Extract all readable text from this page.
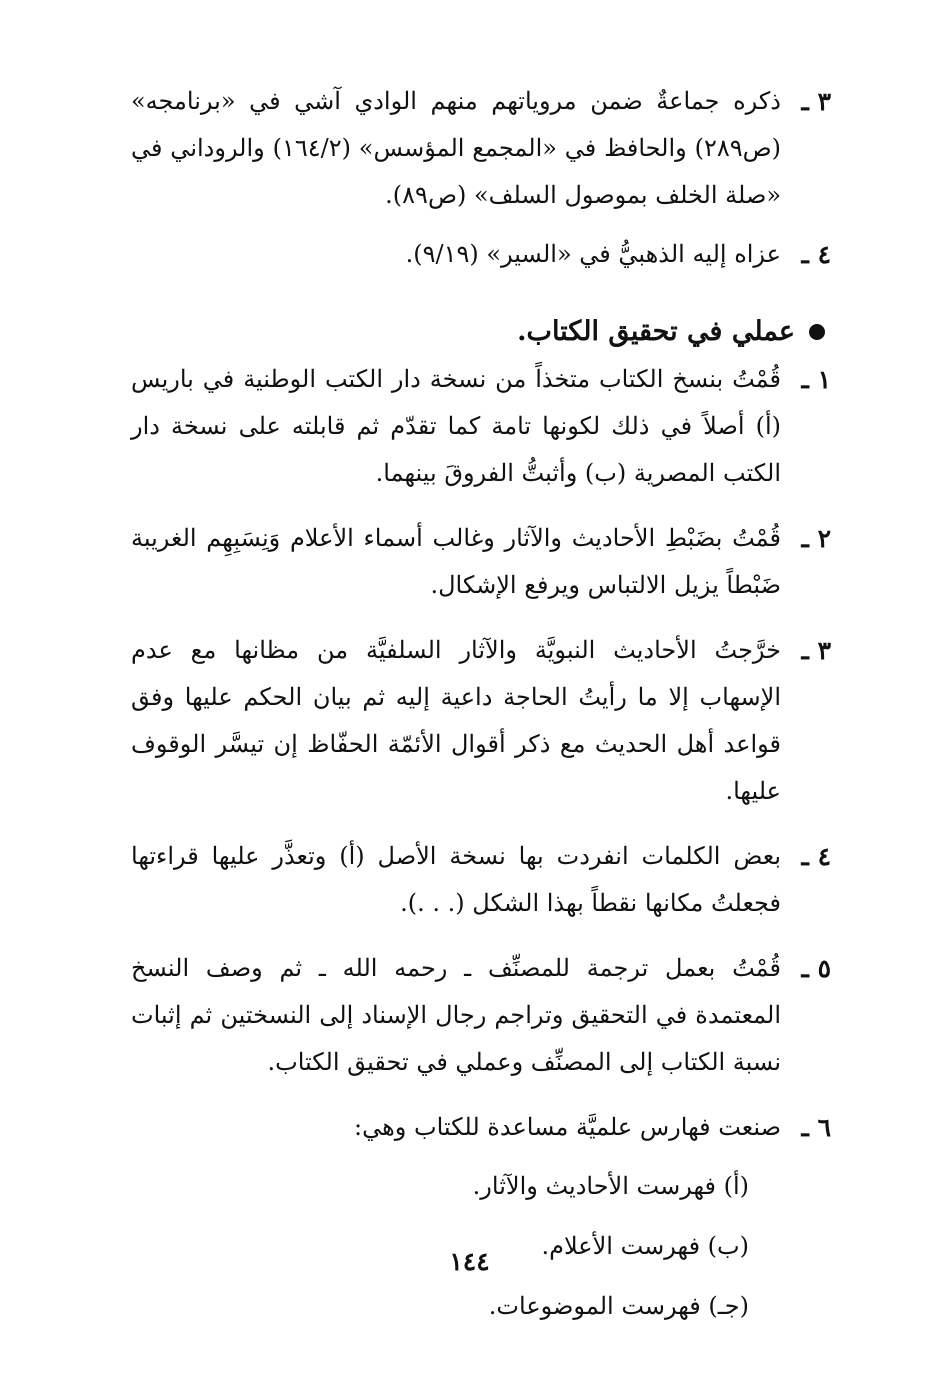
٣ ـ
ذكره جماعةٌ ضمن مروياتهم منهم الوادي آشي في «برنامجه» (ص٢٨٩) والحافظ في «المجمع المؤسس» (١٦٤/٢) والروداني في «صلة الخلف بموصول السلف» (ص٨٩).
٤ ـ
عزاه إليه الذهبيُّ في «السير» (٩/١٩).
عملي في تحقيق الكتاب.
١ ـ
قُمْتُ بنسخ الكتاب متخذاً من نسخة دار الكتب الوطنية في باريس (أ) أصلاً في ذلك لكونها تامة كما تقدّم ثم قابلته على نسخة دار الكتب المصرية (ب) وأثبتُّ الفروقَ بينهما.
٢ ـ
قُمْتُ بضَبْطِ الأحاديث والآثار وغالب أسماء الأعلام وَنِسَبِهِم الغريبة ضَبْطاً يزيل الالتباس ويرفع الإشكال.
٣ ـ
خرَّجتُ الأحاديث النبويَّة والآثار السلفيَّة من مظانها مع عدم الإسهاب إلا ما رأيتُ الحاجة داعية إليه ثم بيان الحكم عليها وفق قواعد أهل الحديث مع ذكر أقوال الأئمّة الحفّاظ إن تيسَّر الوقوف عليها.
٤ ـ
بعض الكلمات انفردت بها نسخة الأصل (أ) وتعذَّر عليها قراءتها فجعلتُ مكانها نقطاً بهذا الشكل (. . .).
٥ ـ
قُمْتُ بعمل ترجمة للمصنِّف ـ رحمه الله ـ ثم وصف النسخ المعتمدة في التحقيق وتراجم رجال الإسناد إلى النسختين ثم إثبات نسبة الكتاب إلى المصنِّف وعملي في تحقيق الكتاب.
٦ ـ
صنعت فهارس علميَّة مساعدة للكتاب وهي:
(أ) فهرست الأحاديث والآثار.
(ب) فهرست الأعلام.
(جـ) فهرست الموضوعات.
١٤٤
